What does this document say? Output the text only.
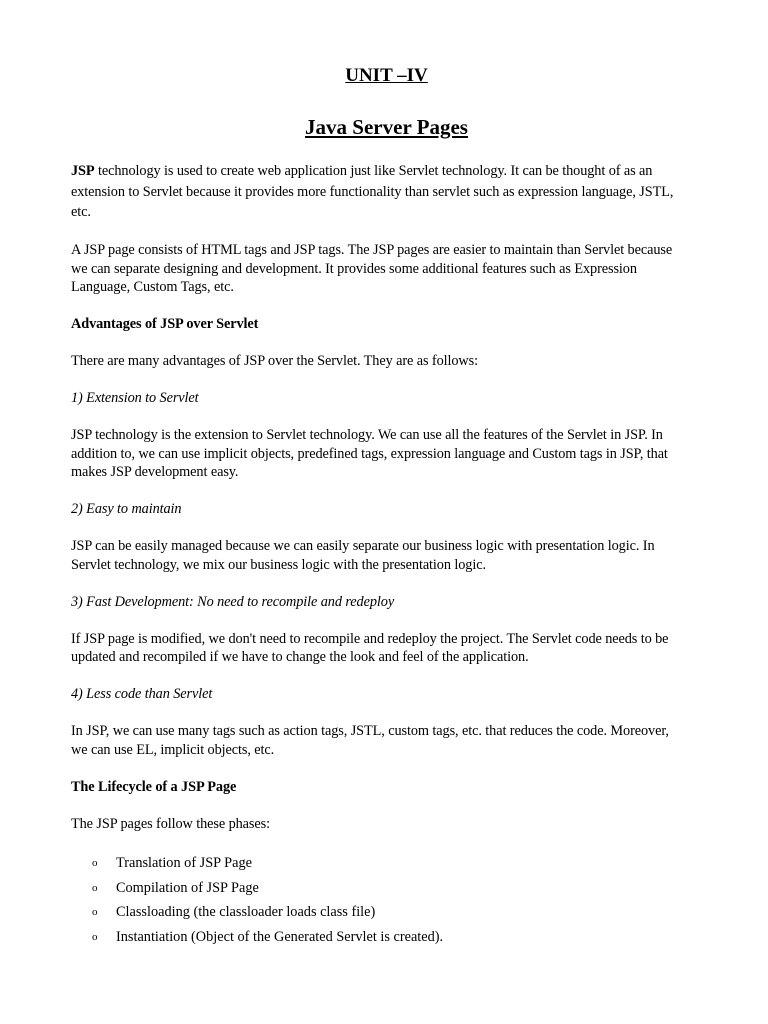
UNIT –IV
Java Server Pages

JSP technology is used to create web application just like Servlet technology. It can be thought of as an extension to Servlet because it provides more functionality than servlet such as expression language, JSTL, etc.

A JSP page consists of HTML tags and JSP tags. The JSP pages are easier to maintain than Servlet because we can separate designing and development. It provides some additional features such as Expression Language, Custom Tags, etc.

Advantages of JSP over Servlet

There are many advantages of JSP over the Servlet. They are as follows:

1) Extension to Servlet

JSP technology is the extension to Servlet technology. We can use all the features of the Servlet in JSP. In addition to, we can use implicit objects, predefined tags, expression language and Custom tags in JSP, that makes JSP development easy.

2) Easy to maintain

JSP can be easily managed because we can easily separate our business logic with presentation logic. In Servlet technology, we mix our business logic with the presentation logic.

3) Fast Development: No need to recompile and redeploy

If JSP page is modified, we don't need to recompile and redeploy the project. The Servlet code needs to be updated and recompiled if we have to change the look and feel of the application.

4) Less code than Servlet

In JSP, we can use many tags such as action tags, JSTL, custom tags, etc. that reduces the code. Moreover, we can use EL, implicit objects, etc.

The Lifecycle of a JSP Page

The JSP pages follow these phases:

o Translation of JSP Page
o Compilation of JSP Page
o Classloading (the classloader loads class file)
o Instantiation (Object of the Generated Servlet is created).
